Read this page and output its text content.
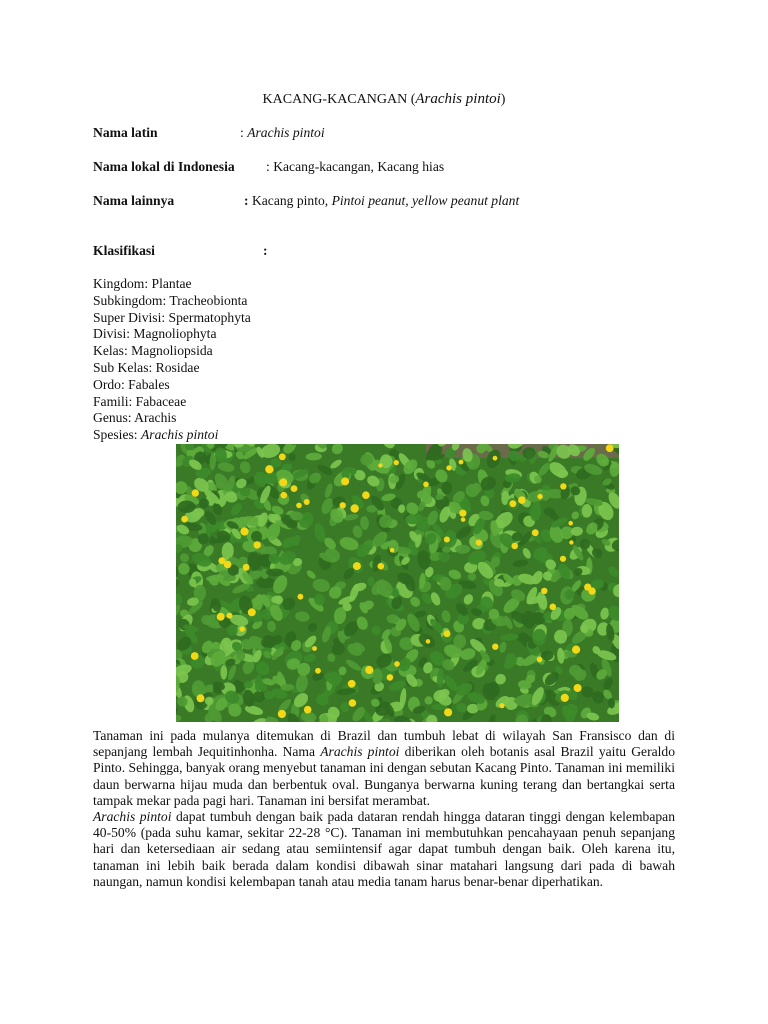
KACANG-KACANGAN (Arachis pintoi)
Nama latin	: Arachis pintoi
Nama lokal di Indonesia : Kacang-kacangan, Kacang hias
Nama lainnya	: Kacang pinto, Pintoi peanut, yellow peanut plant
Klasifikasi	:
Kingdom: Plantae
Subkingdom: Tracheobionta
Super Divisi: Spermatophyta
Divisi: Magnoliophyta
Kelas: Magnoliopsida
Sub Kelas: Rosidae
Ordo: Fabales
Famili: Fabaceae
Genus: Arachis
Spesies: Arachis pintoi

Tanaman ini pada mulanya ditemukan di Brazil dan tumbuh lebat di wilayah San Fransisco dan di sepanjang lembah Jequitinhonha. Nama Arachis pintoi diberikan oleh botanis asal Brazil yaitu Geraldo Pinto. Sehingga, banyak orang menyebut tanaman ini dengan sebutan Kacang Pinto. Tanaman ini memiliki daun berwarna hijau muda dan berbentuk oval. Bunganya berwarna kuning terang dan bertangkai serta tampak mekar pada pagi hari. Tanaman ini bersifat merambat.

Arachis pintoi dapat tumbuh dengan baik pada dataran rendah hingga dataran tinggi dengan kelembapan 40-50% (pada suhu kamar, sekitar 22-28 °C). Tanaman ini membutuhkan pencahayaan penuh sepanjang hari dan ketersediaan air sedang atau semiintensif agar dapat tumbuh dengan baik. Oleh karena itu, tanaman ini lebih baik berada dalam kondisi dibawah sinar matahari langsung dari pada di bawah naungan, namun kondisi kelembapan tanah atau media tanam harus benar-benar diperhatikan.
